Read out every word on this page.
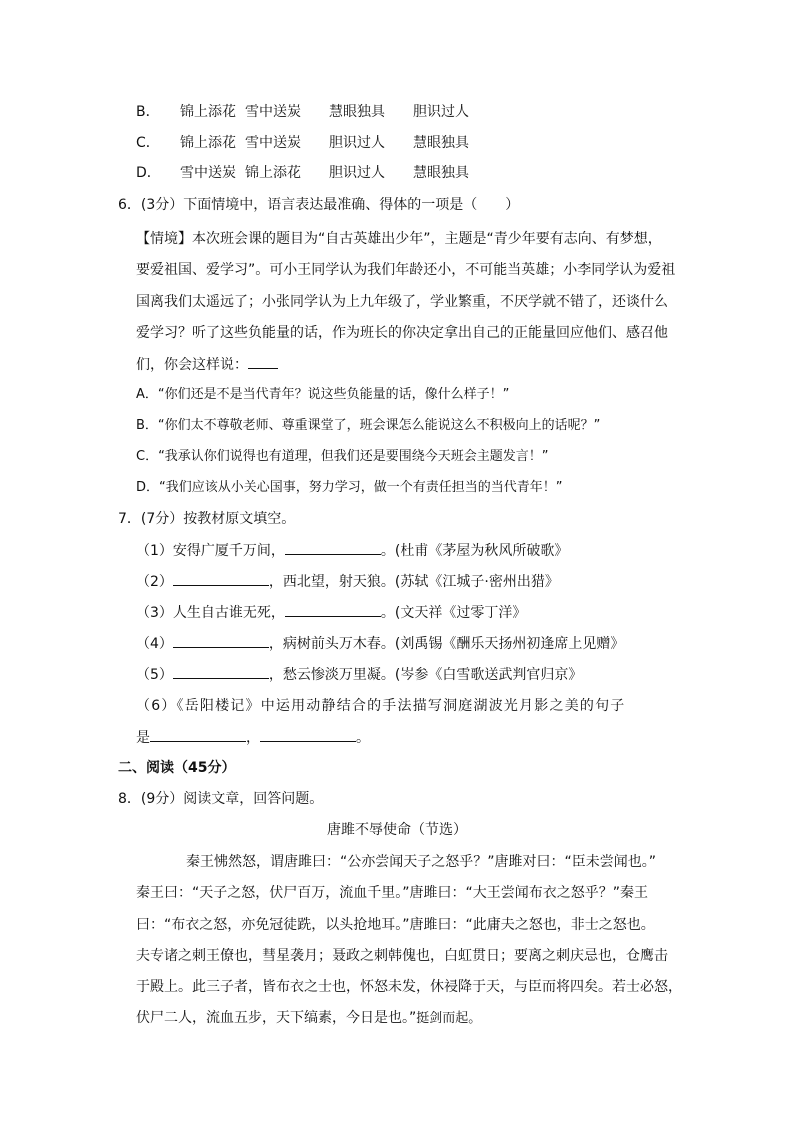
B． 锦上添花 雪中送炭 慧眼独具 胆识过人
C． 锦上添花 雪中送炭 胆识过人 慧眼独具
D． 雪中送炭 锦上添花 胆识过人 慧眼独具
6．(3分）下面情境中，语言表达最准确、得体的一项是（　　）
【情境】本次班会课的题目为“自古英雄出少年”，主题是“青少年要有志向、有梦想，
要爱祖国、爱学习”。可小王同学认为我们年龄还小，不可能当英雄；小李同学认为爱祖
国离我们太遥远了；小张同学认为上九年级了，学业繁重，不厌学就不错了，还谈什么
爱学习？听了这些负能量的话，作为班长的你决定拿出自己的正能量回应他们、感召他
们，你会这样说：
A．“你们还是不是当代青年？说这些负能量的话，像什么样子！”
B．“你们太不尊敬老师、尊重课堂了，班会课怎么能说这么不积极向上的话呢？”
C．“我承认你们说得也有道理，但我们还是要围绕今天班会主题发言！”
D．“我们应该从小关心国事，努力学习，做一个有责任担当的当代青年！”
7．(7分）按教材原文填空。
（1）安得广厦千万间，	。(杜甫《茅屋为秋风所破歌》
（2）	，西北望，射天狼。(苏轼《江城子·密州出猎》
（3）人生自古谁无死，	。(文天祥《过零丁洋》
（4）	，病树前头万木春。(刘禹锡《酬乐天扬州初逢席上见赠》
（5）	，愁云惨淡万里凝。(岑参《白雪歌送武判官归京》
（6）《岳阳楼记》中运用动静结合的手法描写洞庭湖波光月影之美的句子
是	，	。
二、阅读（45分）
8．(9分）阅读文章，回答问题。
唐雎不辱使命（节选）
秦王怫然怒，谓唐雎曰：“公亦尝闻天子之怒乎？”唐雎对曰：“臣未尝闻也。”
秦王曰：“天子之怒，伏尸百万，流血千里。”唐雎曰：“大王尝闻布衣之怒乎？”秦王
曰：“布衣之怒，亦免冠徒跣，以头抢地耳。”唐雎曰：“此庸夫之怒也，非士之怒也。
夫专诸之刺王僚也，彗星袭月；聂政之刺韩傀也，白虹贯日；要离之刺庆忌也，仓鹰击
于殿上。此三子者，皆布衣之士也，怀怒未发，休祲降于天，与臣而将四矣。若士必怒，
伏尸二人，流血五步，天下缟素，今日是也。”挺剑而起。
